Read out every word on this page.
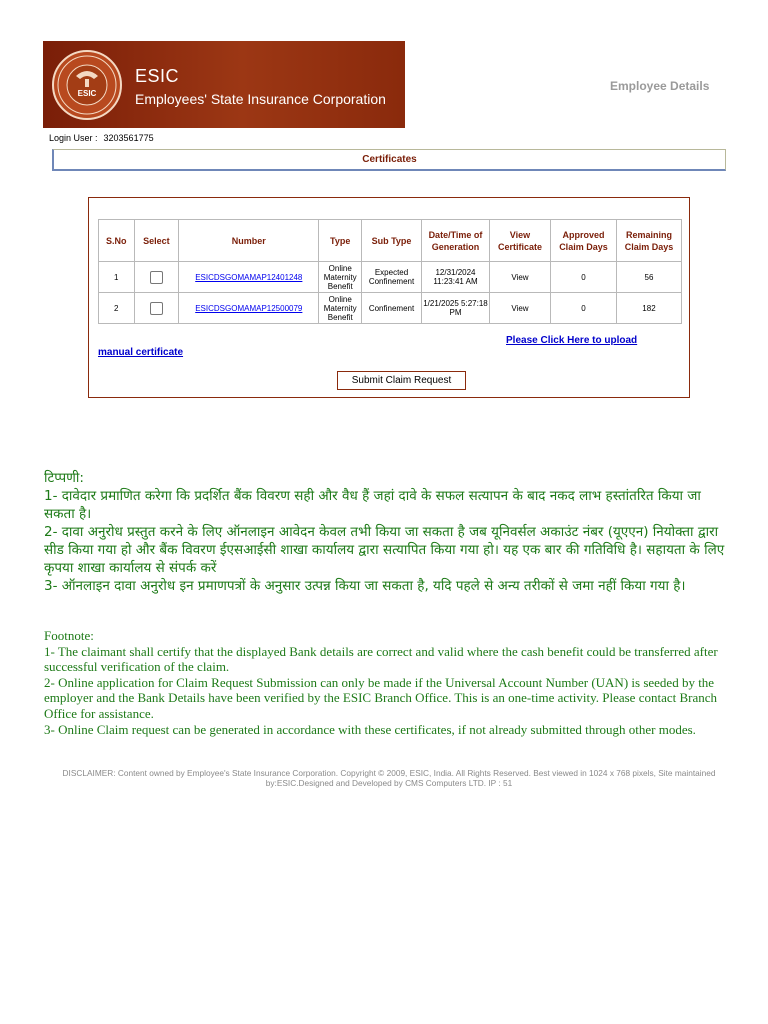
ESIC
ESIC
Employees' State Insurance Corporation
Employee Details
Login User : 3203561775
Certificates
S.No	Select	Number	Type	Sub Type	Date/Time of Generation	View Certificate	Approved Claim Days	Remaining Claim Days
1		ESICDSGOMAMAP12401248	Online Maternity Benefit	Expected Confinement	12/31/2024 11:23:41 AM	View	0	56
2		ESICDSGOMAMAP12500079	Online Maternity Benefit	Confinement	1/21/2025 5:27:18 PM	View	0	182
Please Click Here to upload
manual certificate
Submit Claim Request
टिप्पणी:
1- दावेदार प्रमाणित करेगा कि प्रदर्शित बैंक विवरण सही और वैध हैं जहां दावे के सफल सत्यापन के बाद नकद लाभ हस्तांतरित किया जा सकता है।
2- दावा अनुरोध प्रस्तुत करने के लिए ऑनलाइन आवेदन केवल तभी किया जा सकता है जब यूनिवर्सल अकाउंट नंबर (यूएएन) नियोक्ता द्वारा सीड किया गया हो और बैंक विवरण ईएसआईसी शाखा कार्यालय द्वारा सत्यापित किया गया हो। यह एक बार की गतिविधि है। सहायता के लिए कृपया शाखा कार्यालय से संपर्क करें
3- ऑनलाइन दावा अनुरोध इन प्रमाणपत्रों के अनुसार उत्पन्न किया जा सकता है, यदि पहले से अन्य तरीकों से जमा नहीं किया गया है।
Footnote:
1- The claimant shall certify that the displayed Bank details are correct and valid where the cash benefit could be transferred after successful verification of the claim.
2- Online application for Claim Request Submission can only be made if the Universal Account Number (UAN) is seeded by the employer and the Bank Details have been verified by the ESIC Branch Office. This is an one-time activity. Please contact Branch Office for assistance.
3- Online Claim request can be generated in accordance with these certificates, if not already submitted through other modes.
DISCLAIMER: Content owned by Employee's State Insurance Corporation. Copyright © 2009, ESIC, India. All Rights Reserved. Best viewed in 1024 x 768 pixels, Site maintained by:ESIC.Designed and Developed by CMS Computers LTD. IP : 51
